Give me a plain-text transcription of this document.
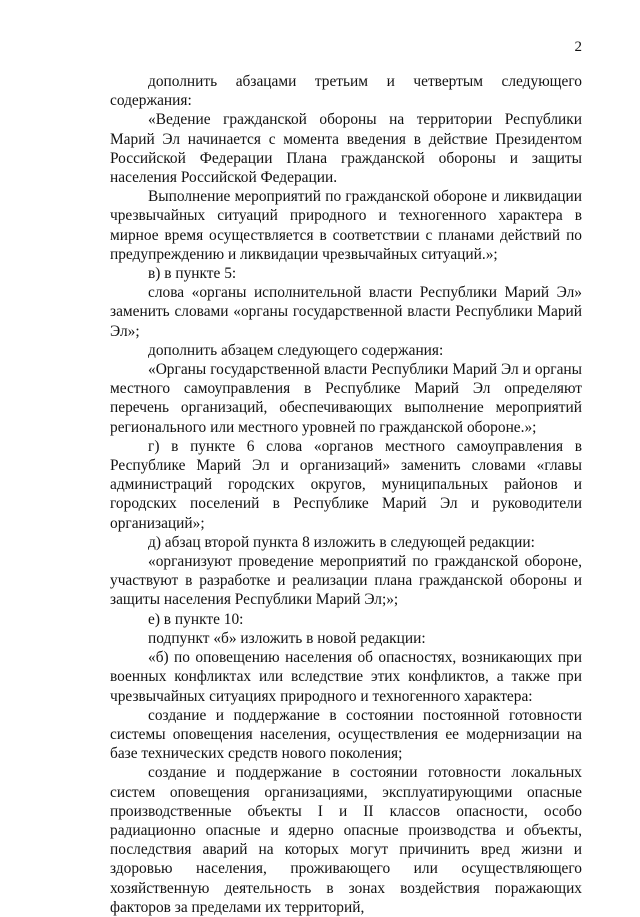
2

дополнить абзацами третьим и четвертым следующего содержания:

«Ведение гражданской обороны на территории Республики Марий Эл начинается с момента введения в действие Президентом Российской Федерации Плана гражданской обороны и защиты населения Российской Федерации.

Выполнение мероприятий по гражданской обороне и ликвидации чрезвычайных ситуаций природного и техногенного характера в мирное время осуществляется в соответствии с планами действий по предупреждению и ликвидации чрезвычайных ситуаций.»;

в) в пункте 5:

слова «органы исполнительной власти Республики Марий Эл» заменить словами «органы государственной власти Республики Марий Эл»;

дополнить абзацем следующего содержания:

«Органы государственной власти Республики Марий Эл и органы местного самоуправления в Республике Марий Эл определяют перечень организаций, обеспечивающих выполнение мероприятий регионального или местного уровней по гражданской обороне.»;

г) в пункте 6 слова «органов местного самоуправления в Республике Марий Эл и организаций» заменить словами «главы администраций городских округов, муниципальных районов и городских поселений в Республике Марий Эл и руководители организаций»;

д) абзац второй пункта 8 изложить в следующей редакции:

«организуют проведение мероприятий по гражданской обороне, участвуют в разработке и реализации плана гражданской обороны и защиты населения Республики Марий Эл;»;

е) в пункте 10:

подпункт «б» изложить в новой редакции:

«б) по оповещению населения об опасностях, возникающих при военных конфликтах или вследствие этих конфликтов, а также при чрезвычайных ситуациях природного и техногенного характера:

создание и поддержание в состоянии постоянной готовности системы оповещения населения, осуществления ее модернизации на базе технических средств нового поколения;

создание и поддержание в состоянии готовности локальных систем оповещения организациями, эксплуатирующими опасные производственные объекты I и II классов опасности, особо радиационно опасные и ядерно опасные производства и объекты, последствия аварий на которых могут причинить вред жизни и здоровью населения, проживающего или осуществляющего хозяйственную деятельность в зонах воздействия поражающих факторов за пределами их территорий,
